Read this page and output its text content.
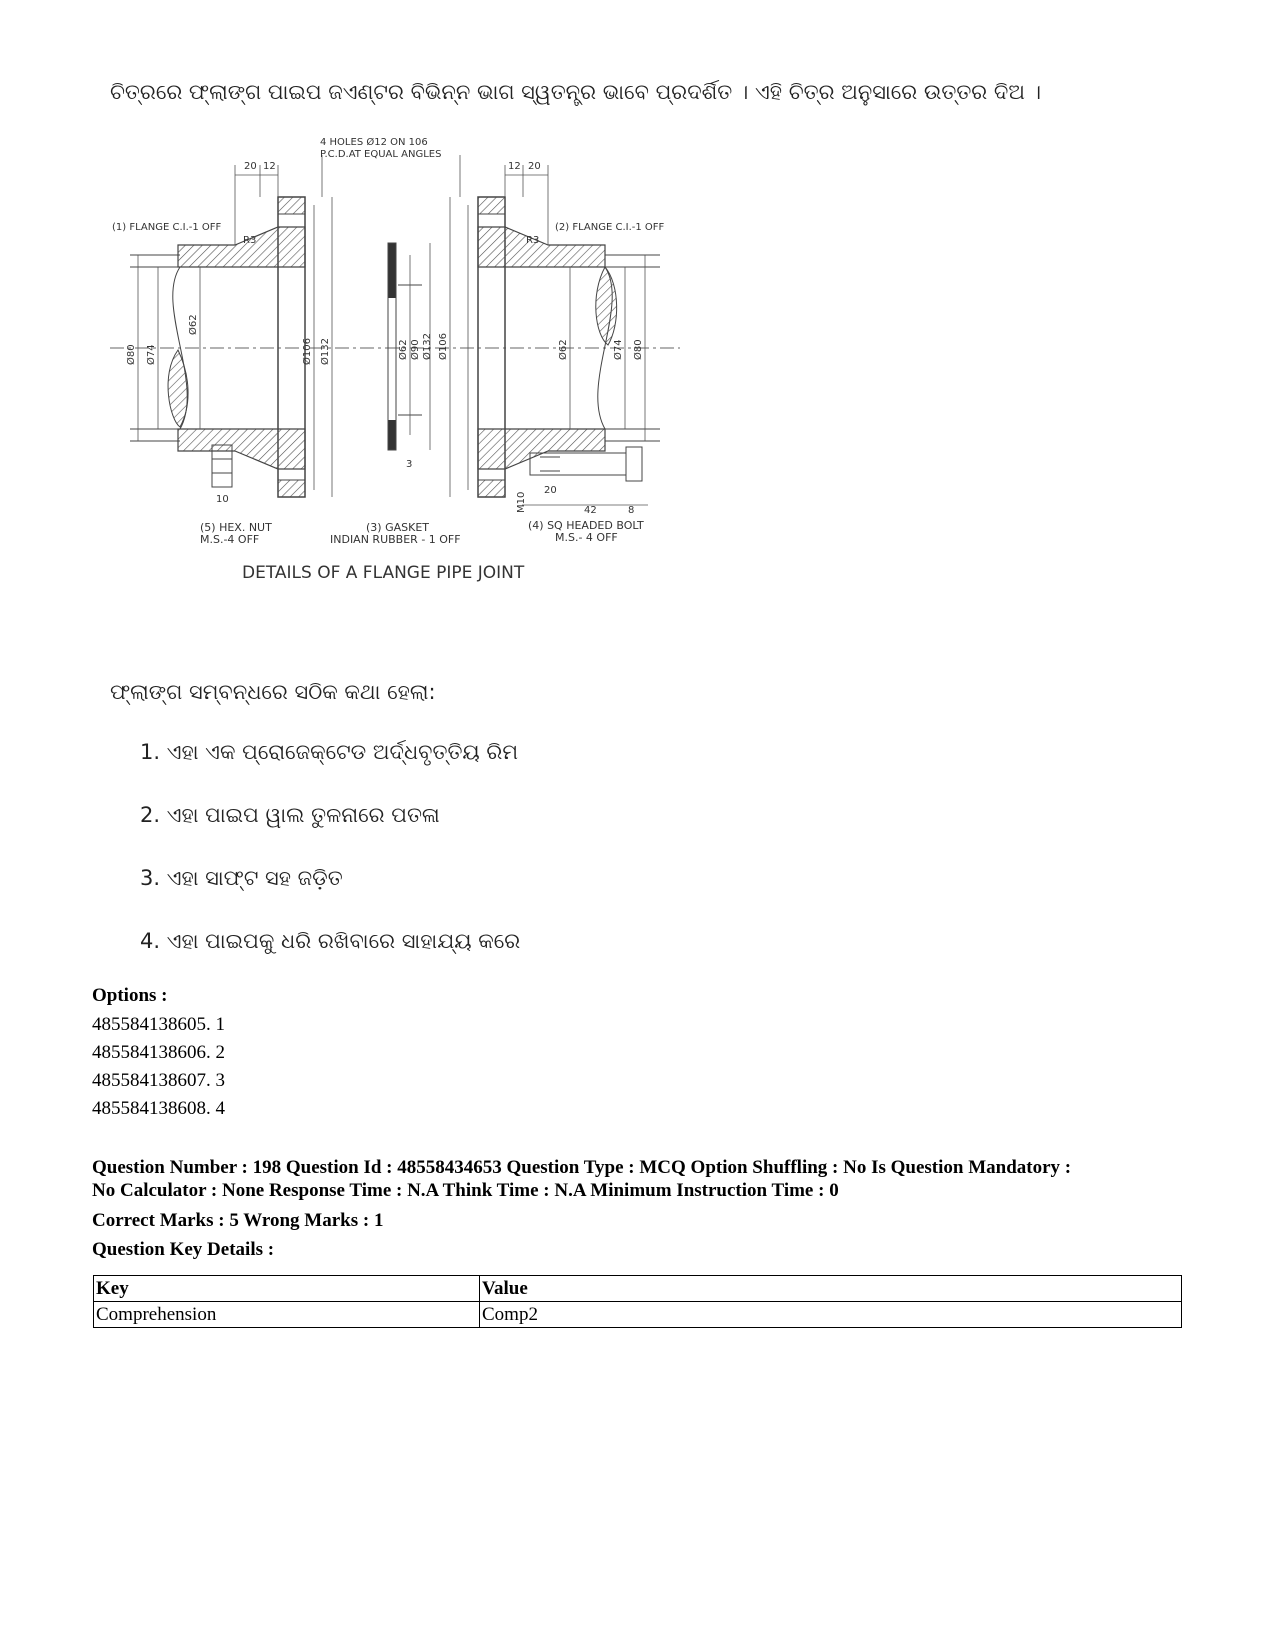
ଚିତ୍ରରେ ଫ୍ଲାଙ୍ଗ ପାଇପ ଜଏଣ୍ଟର ବିଭିନ୍ନ ଭାଗ ସ୍ୱତନ୍ତ୍ର ଭାବେ ପ୍ରଦର୍ଶିତ । ଏହି ଚିତ୍ର ଅନୁସାରେ ଉତ୍ତର ଦିଅ ।
Ø80 Ø74
Ø62
Ø106 Ø132	Ø62 Ø90 Ø132 Ø106	Ø62	Ø74 Ø80
M10
4 HOLES Ø12 ON 106
P.C.D.AT EQUAL ANGLES
20 12	12 20
(1) FLANGE C.I.-1 OFF	(2) FLANGE C.I.-1 OFF
R3	R3
3
10
20
42	8
(5) HEX. NUT
M.S.-4 OFF
(3) GASKET
INDIAN RUBBER - 1 OFF
(4) SQ HEADED BOLT
M.S.- 4 OFF
DETAILS OF A FLANGE PIPE JOINT
ଫ୍ଲାଙ୍ଗ ସମ୍ବନ୍ଧରେ ସଠିକ କଥା ହେଲା:
1. ଏହା ଏକ ପ୍ରୋଜେକ୍ଟେଡ ଅର୍ଦ୍ଧବୃତ୍ତିୟ ରିମ
2. ଏହା ପାଇପ ୱାଲ ତୁଳନାରେ ପତଳା
3. ଏହା ସାଫ୍ଟ ସହ ଜଡ଼ିତ
4. ଏହା ପାଇପକୁ ଧରି ରଖିବାରେ ସାହାଯ୍ୟ କରେ
Options :
485584138605. 1
485584138606. 2
485584138607. 3
485584138608. 4
Question Number : 198 Question Id : 48558434653 Question Type : MCQ Option Shuffling : No Is Question Mandatory :
No Calculator : None Response Time : N.A Think Time : N.A Minimum Instruction Time : 0
Correct Marks : 5 Wrong Marks : 1
Question Key Details :
Key	Value
Comprehension	Comp2
